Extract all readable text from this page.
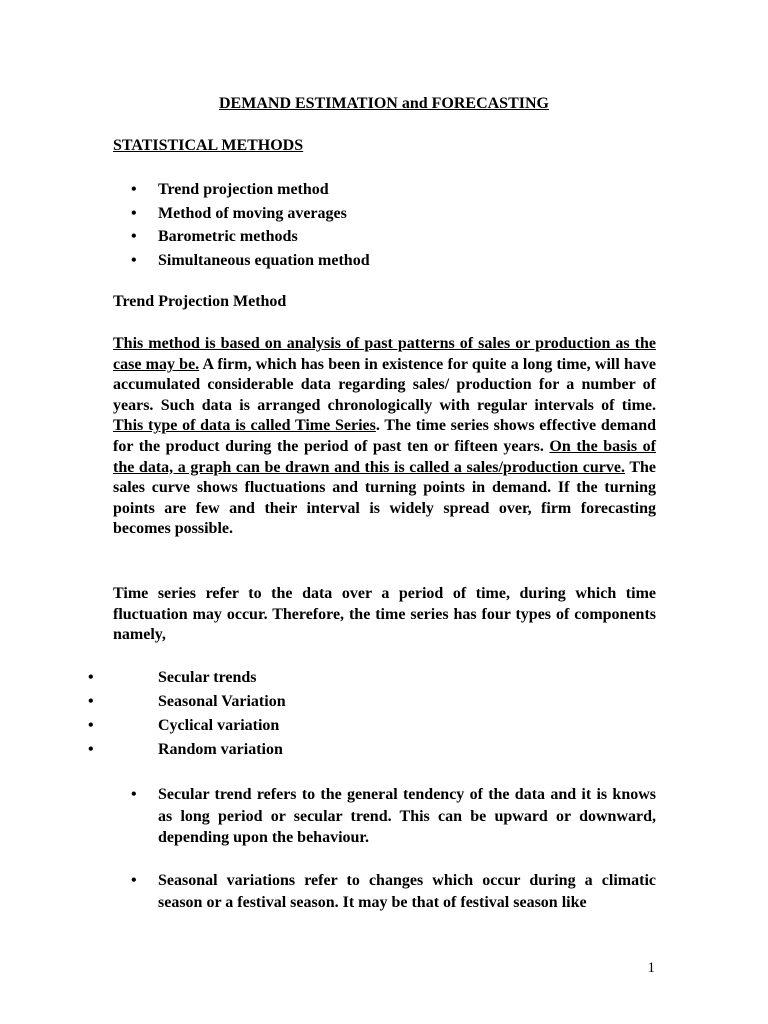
DEMAND ESTIMATION and FORECASTING
STATISTICAL METHODS
• Trend projection method
• Method of moving averages
• Barometric methods
• Simultaneous equation method
Trend Projection Method

This method is based on analysis of past patterns of sales or production as the case may be. A firm, which has been in existence for quite a long time, will have accumulated considerable data regarding sales/ production for a number of years. Such data is arranged chronologically with regular intervals of time. This type of data is called Time Series. The time series shows effective demand for the product during the period of past ten or fifteen years. On the basis of the data, a graph can be drawn and this is called a sales/production curve. The sales curve shows fluctuations and turning points in demand. If the turning points are few and their interval is widely spread over, firm forecasting becomes possible.

Time series refer to the data over a period of time, during which time fluctuation may occur. Therefore, the time series has four types of components namely,

•	Secular trends
•	Seasonal Variation
•	Cyclical variation
•	Random variation
•	Secular trend refers to the general tendency of the data and it is knows as long period or secular trend. This can be upward or downward, depending upon the behaviour.
•	Seasonal variations refer to changes which occur during a climatic season or a festival season. It may be that of festival season like
1
